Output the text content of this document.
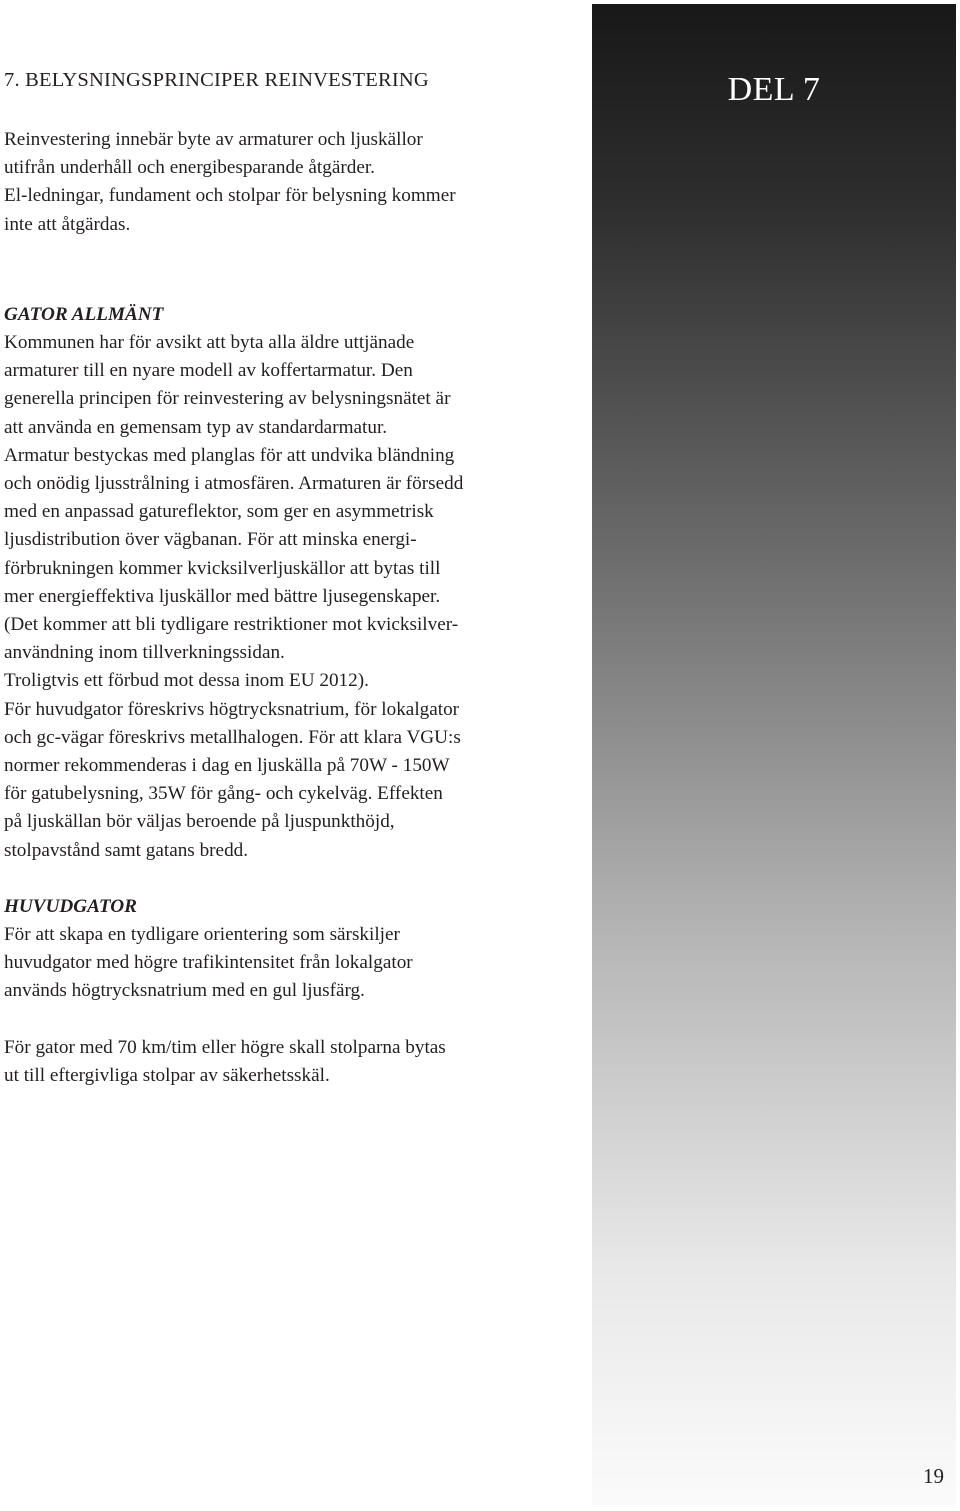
7. BELYSNINGSPRINCIPER REINVESTERING

Reinvestering innebär byte av armaturer och ljuskällor
utifrån underhåll och energibesparande åtgärder.
El-ledningar, fundament och stolpar för belysning kommer
inte att åtgärdas.

GATOR ALLMÄNT

Kommunen har för avsikt att byta alla äldre uttjänade
armaturer till en nyare modell av koffertarmatur. Den
generella principen för reinvestering av belysningsnätet är
att använda en gemensam typ av standardarmatur.
Armatur bestyckas med planglas för att undvika bländning
och onödig ljusstrålning i atmosfären. Armaturen är försedd
med en anpassad gatureflektor, som ger en asymmetrisk
ljusdistribution över vägbanan. För att minska energi-
förbrukningen kommer kvicksilverljuskällor att bytas till
mer energieffektiva ljuskällor med bättre ljusegenskaper.
(Det kommer att bli tydligare restriktioner mot kvicksilver-
användning inom tillverkningssidan.
Troligtvis ett förbud mot dessa inom EU 2012).
För huvudgator föreskrivs högtrycksnatrium, för lokalgator
och gc-vägar föreskrivs metallhalogen. För att klara VGU:s
normer rekommenderas i dag en ljuskälla på 70W - 150W
för gatubelysning, 35W för gång- och cykelväg. Effekten
på ljuskällan bör väljas beroende på ljuspunkthöjd,
stolpavstånd samt gatans bredd.

HUVUDGATOR

För att skapa en tydligare orientering som särskiljer
huvudgator med högre trafikintensitet från lokalgator
används högtrycksnatrium med en gul ljusfärg.

För gator med 70 km/tim eller högre skall stolparna bytas
ut till eftergivliga stolpar av säkerhetsskäl.

DEL 7
19
